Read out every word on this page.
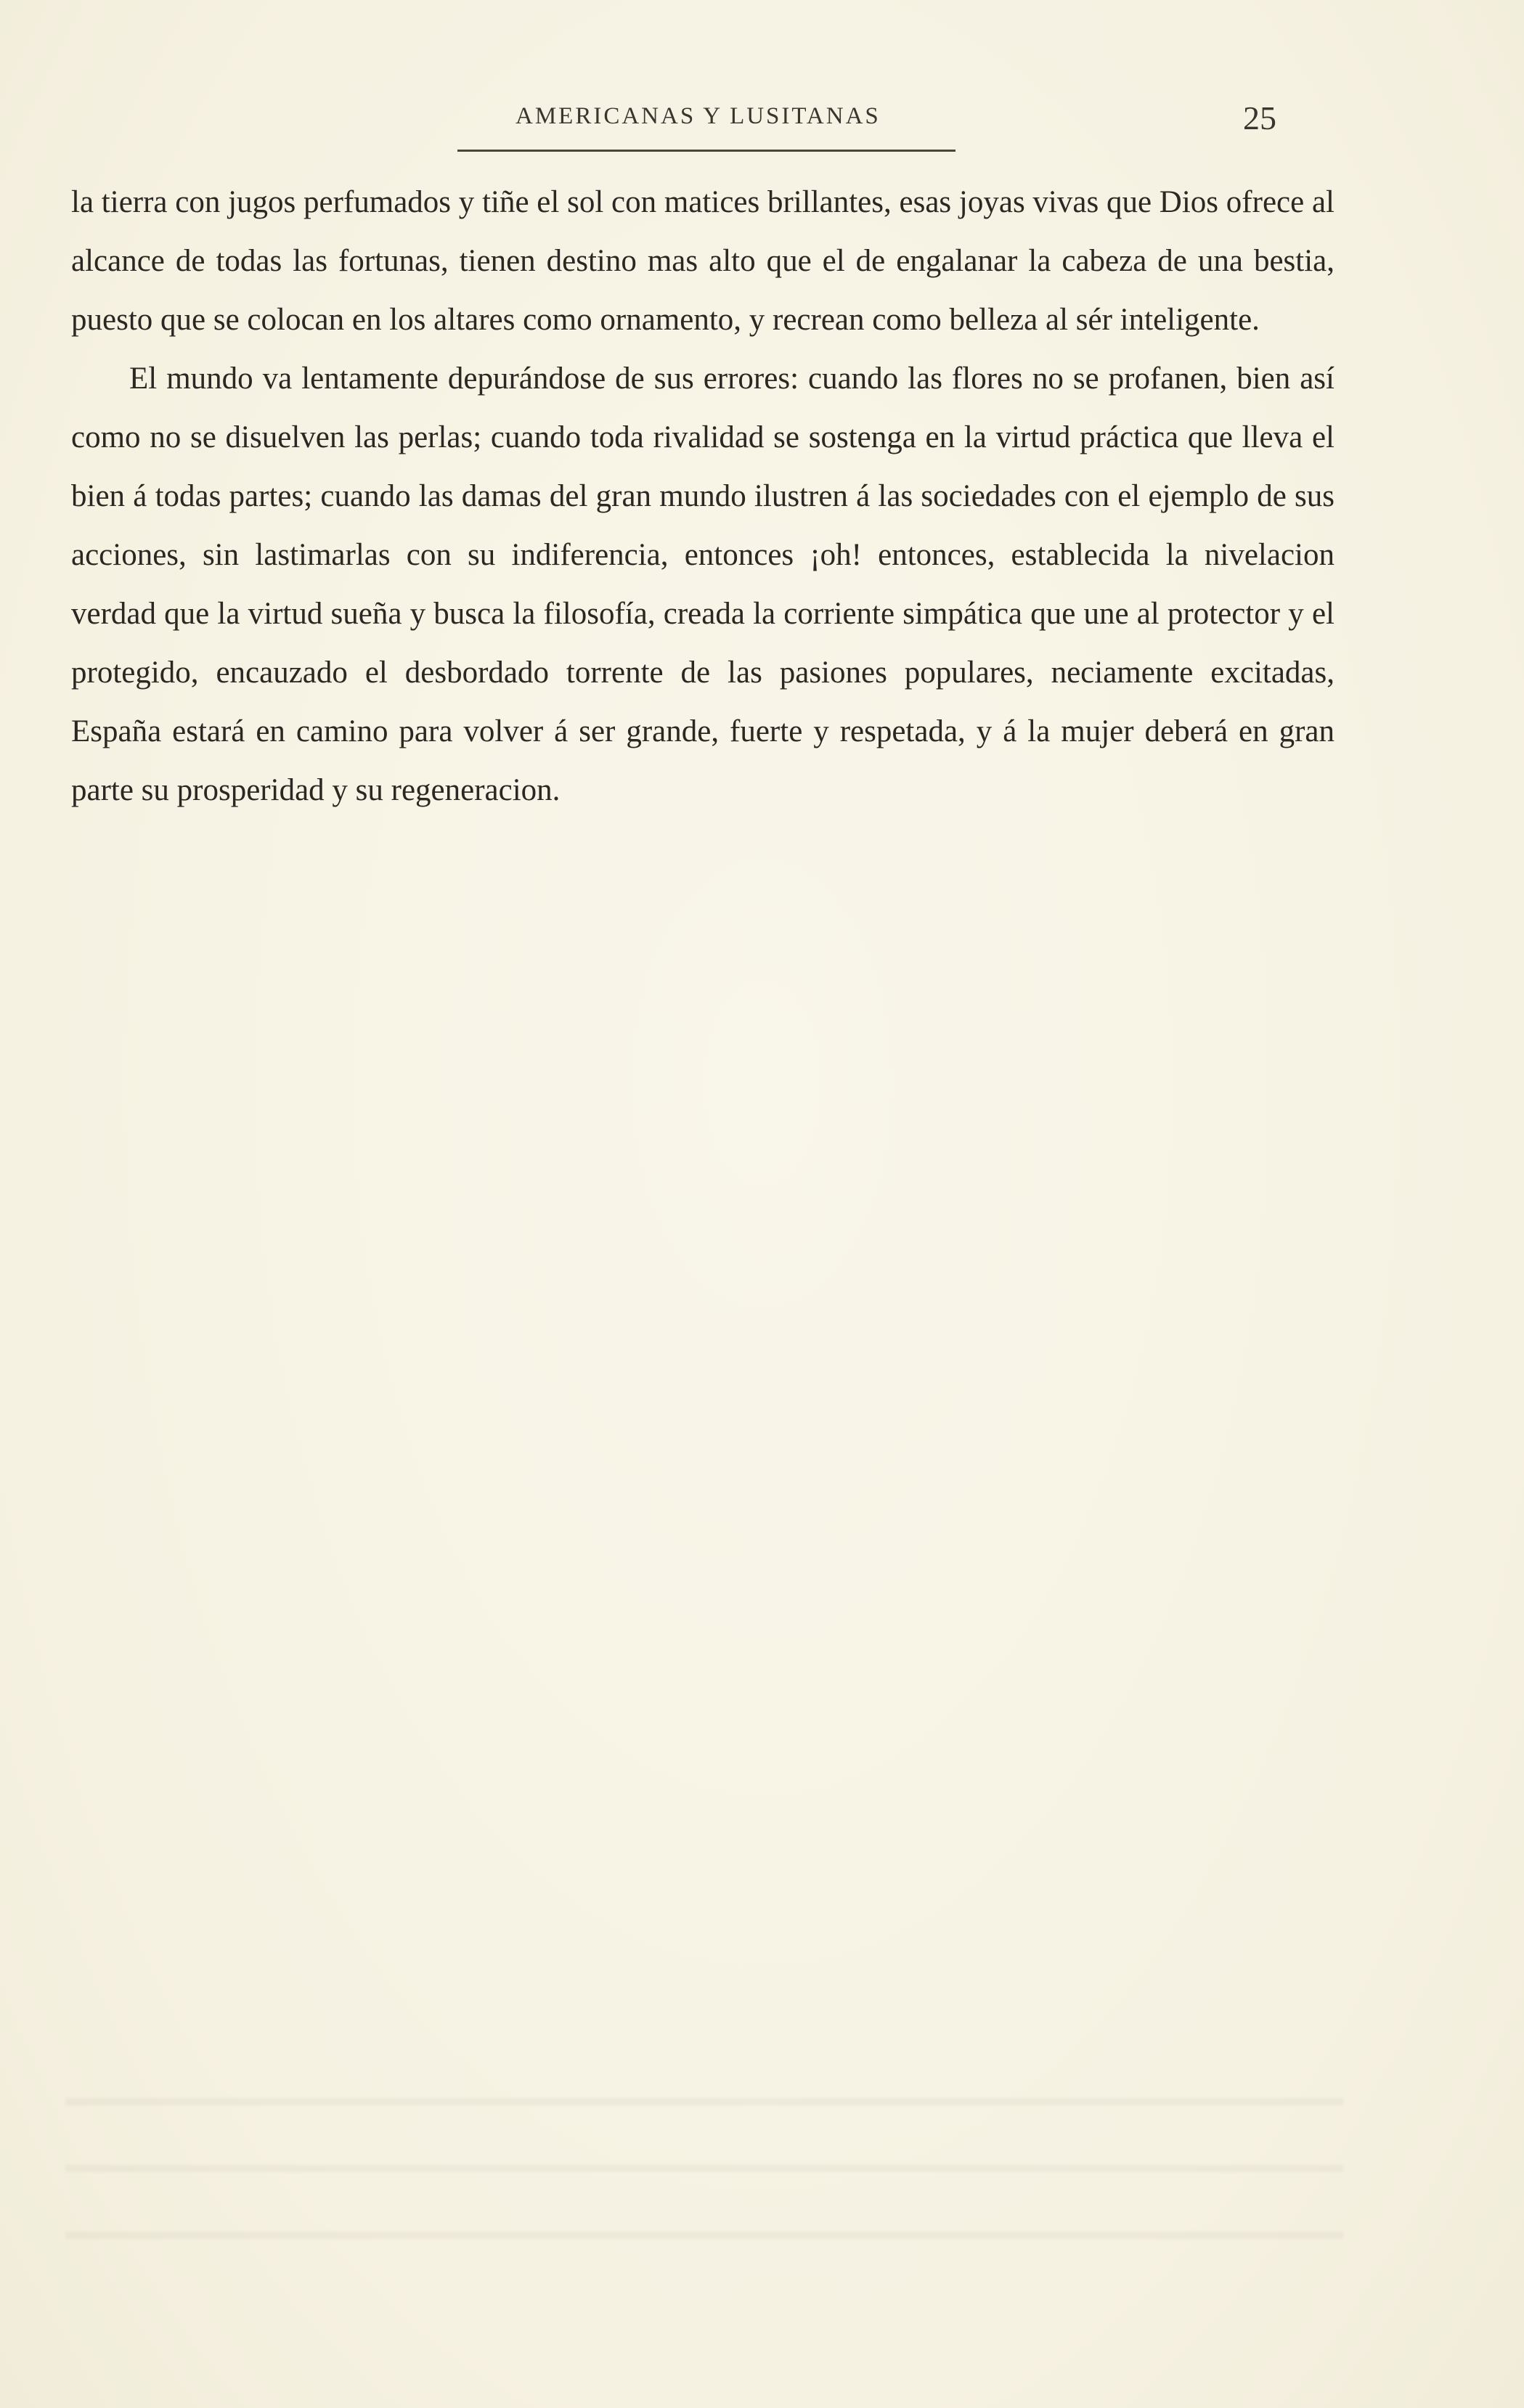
AMERICANAS Y LUSITANAS	25

la tierra con jugos perfumados y tiñe el sol con matices brillantes, esas joyas vivas que Dios ofrece al alcance de todas las fortunas, tienen destino mas alto que el de engalanar la cabeza de una bestia, puesto que se colocan en los altares como ornamento, y recrean como belleza al sér inteligente.

El mundo va lentamente depurándose de sus errores: cuando las flores no se profanen, bien así como no se disuelven las perlas; cuando toda rivalidad se sostenga en la virtud práctica que lleva el bien á todas partes; cuando las damas del gran mundo ilustren á las sociedades con el ejemplo de sus acciones, sin lastimarlas con su indiferencia, entonces ¡oh! entonces, establecida la nivelacion verdad que la virtud sueña y busca la filosofía, creada la corriente simpática que une al protector y el protegido, encauzado el desbordado torrente de las pasiones populares, neciamente excitadas, España estará en camino para volver á ser grande, fuerte y respetada, y á la mujer deberá en gran parte su prosperidad y su regeneracion.
